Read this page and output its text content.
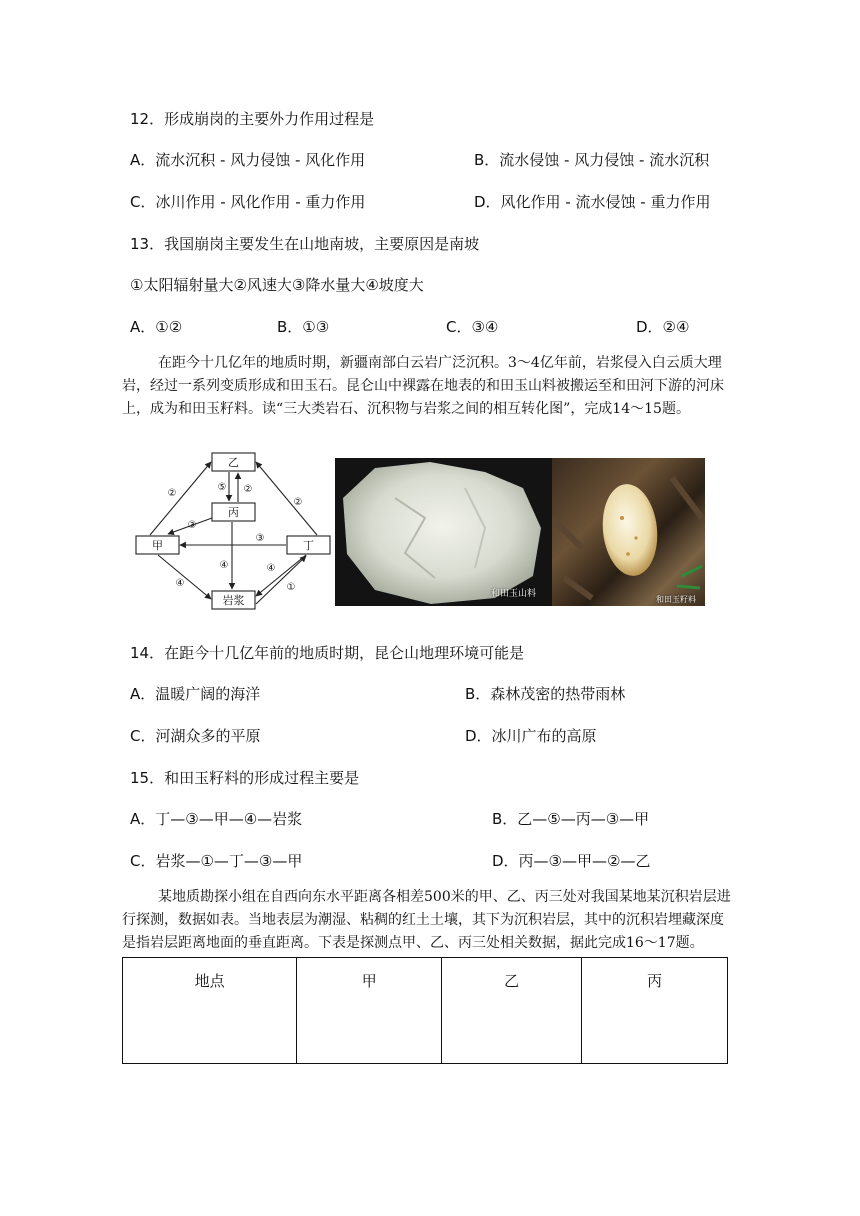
12．形成崩岗的主要外力作用过程是
A．流水沉积 - 风力侵蚀 - 风化作用	B．流水侵蚀 - 风力侵蚀 - 流水沉积
C．冰川作用 - 风化作用 - 重力作用	D．风化作用 - 流水侵蚀 - 重力作用
13．我国崩岗主要发生在山地南坡，主要原因是南坡
①太阳辐射量大②风速大③降水量大④坡度大
A．①②	B．①③	C．③④	D．②④
在距今十几亿年的地质时期，新疆南部白云岩广泛沉积。3～4亿年前，岩浆侵入白云质大理岩，经过一系列变质形成和田玉石。昆仑山中裸露在地表的和田玉山料被搬运至和田河下游的河床上，成为和田玉籽料。读“三大类岩石、沉积物与岩浆之间的相互转化图”，完成14～15题。
乙
丙
甲	丁
岩浆
②
⑤ ②
②
③
③
④
④
④
①
和田玉山料
和田玉籽料
14．在距今十几亿年前的地质时期，昆仑山地理环境可能是
A．温暖广阔的海洋	B．森林茂密的热带雨林
C．河湖众多的平原	D．冰川广布的高原
15．和田玉籽料的形成过程主要是
A．丁—③—甲—④—岩浆	B．乙—⑤—丙—③—甲
C．岩浆—①—丁—③—甲	D．丙—③—甲—②—乙
某地质勘探小组在自西向东水平距离各相差500米的甲、乙、丙三处对我国某地某沉积岩层进行探测，数据如表。当地表层为潮湿、粘稠的红土土壤，其下为沉积岩层，其中的沉积岩埋藏深度是指岩层距离地面的垂直距离。下表是探测点甲、乙、丙三处相关数据，据此完成16～17题。
地点	甲	乙	丙
